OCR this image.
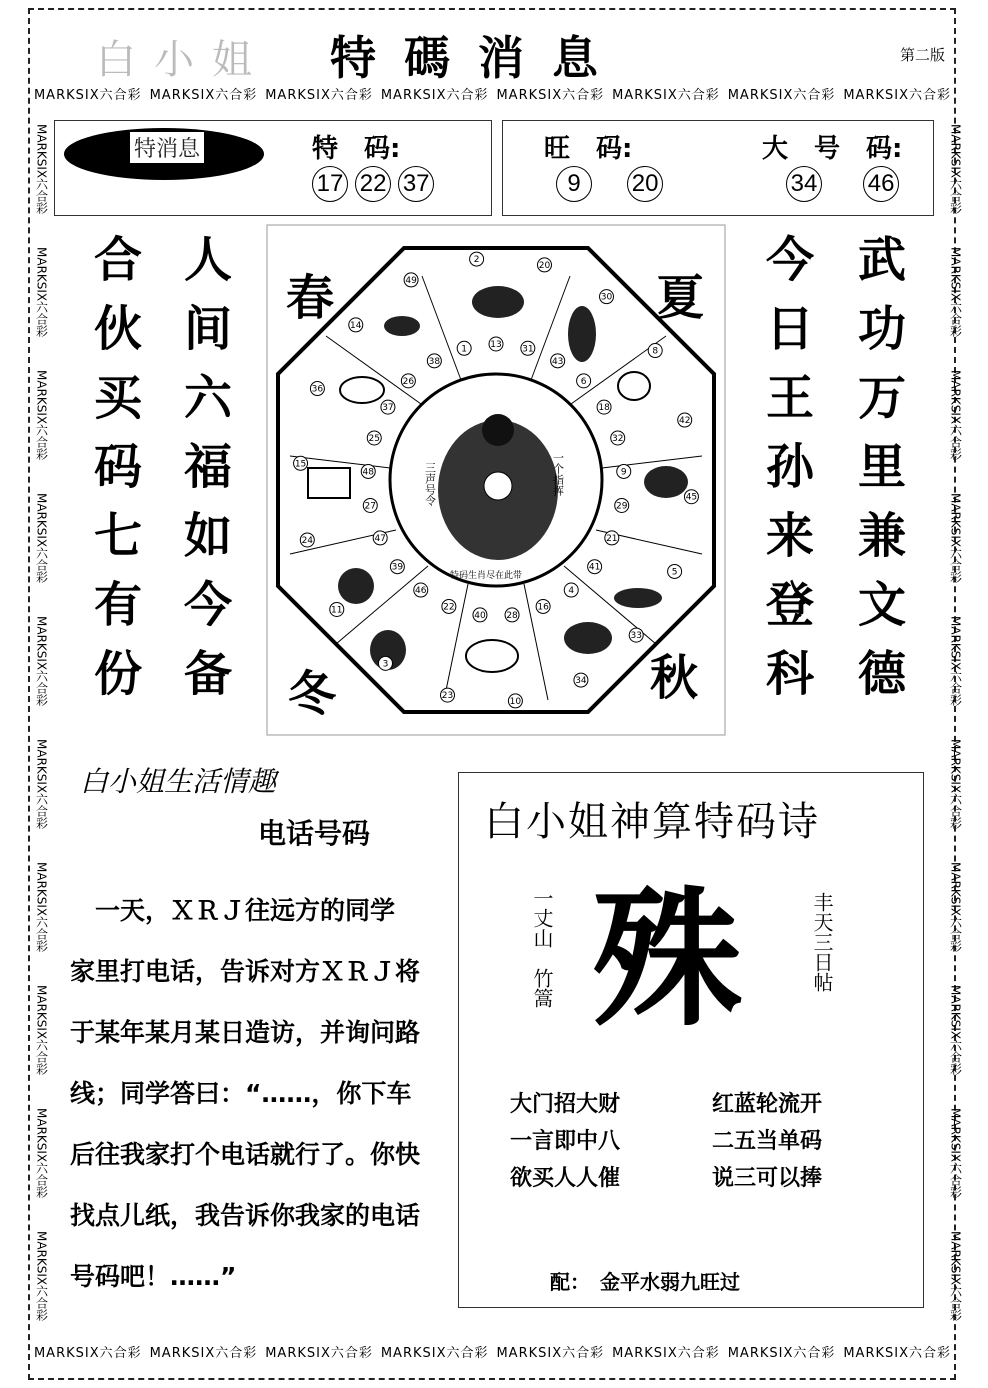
MARKSIX六合彩 MARKSIX六合彩 MARKSIX六合彩 MARKSIX六合彩 MARKSIX六合彩 MARKSIX六合彩 MARKSIX六合彩 MARKSIX六合彩
MARKSIX六合彩 MARKSIX六合彩 MARKSIX六合彩 MARKSIX六合彩 MARKSIX六合彩 MARKSIX六合彩 MARKSIX六合彩 MARKSIX六合彩
MARKSIX六合彩
MARKSIX六合彩
MARKSIX六合彩
MARKSIX六合彩
MARKSIX六合彩
MARKSIX六合彩
MARKSIX六合彩
MARKSIX六合彩
MARKSIX六合彩
MARKSIX六合彩
MARKSIX六合彩
MARKSIX六合彩
MARKSIX六合彩
MARKSIX六合彩
MARKSIX六合彩
MARKSIX六合彩
MARKSIX六合彩
MARKSIX六合彩
MARKSIX六合彩
MARKSIX六合彩
白小姐 特碼消息	第二版
特消息	特　码:
17 22 37
旺　码:
9 20
大　号　码:
34 46
合
伙
买
码
七
有
份
人
间
六
福
如
今
备
今
日
王
孙
来
登
科
武
功
万
里
兼
文
德
春	夏
秋
冬
三声号令	一个指挥
特码生肖尽在此带
20
30
8
42
45
5
33
34
10
23
3
11
24
15
36
14
49
2
13 31
43
6
18
32
9
29
21
41
4
16
28
40
22
46
39
47
27
48
25
37
26
38
1
白小姐生活情趣
电话号码
　一天，ＸＲＪ往远方的同学
家里打电话，告诉对方ＸＲＪ将
于某年某月某日造访，并询问路
线；同学答曰：“……，你下车
后往我家打个电话就行了。你快
找点儿纸，我告诉你我家的电话
号码吧！……”
白小姐神算特码诗
殊
一丈山　竹篙	丰天三日帖
大门招大财
一言即中八
欲买人人催
红蓝轮流开
二五当单码
说三可以捧
配：　金平水弱九旺过
